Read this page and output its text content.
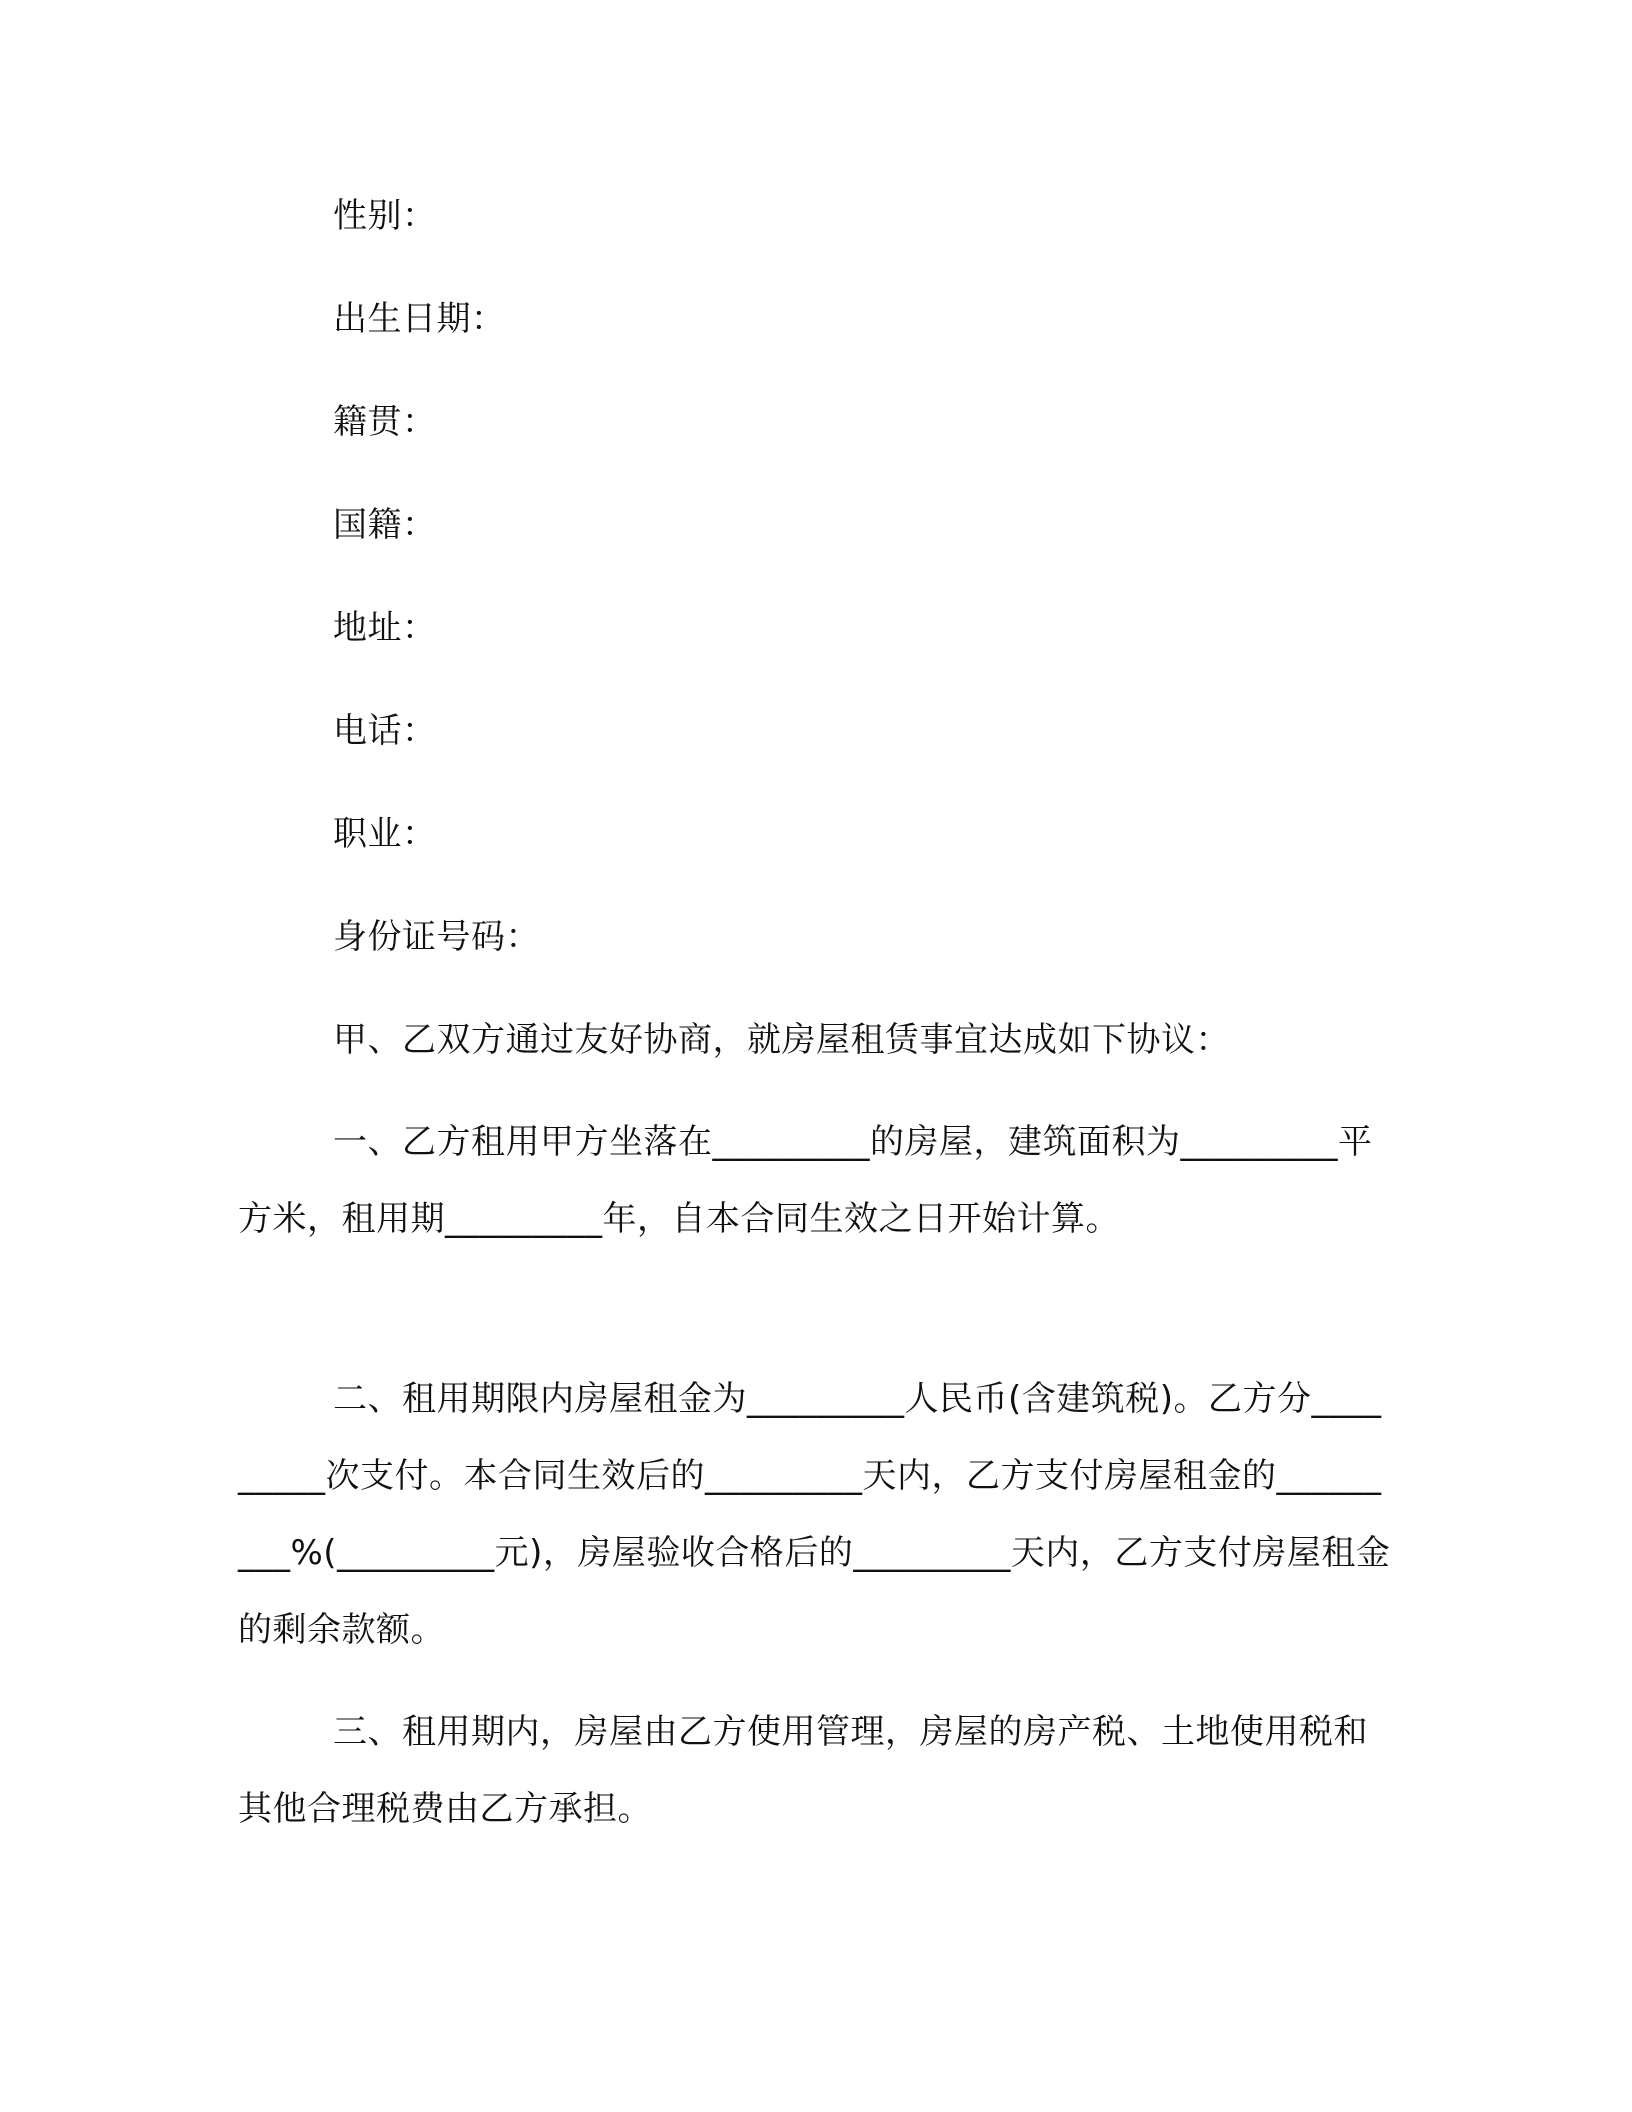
性别：
出生日期：
籍贯：
国籍：
地址：
电话：
职业：
身份证号码：
甲、乙双方通过友好协商，就房屋租赁事宜达成如下协议：
一、乙方租用甲方坐落在_________的房屋，建筑面积为_________平方米，租用期_________年，自本合同生效之日开始计算。
二、租用期限内房屋租金为_________人民币(含建筑税)。乙方分_________次支付。本合同生效后的_________天内，乙方支付房屋租金的_________%(_________元)，房屋验收合格后的_________天内，乙方支付房屋租金的剩余款额。
三、租用期内，房屋由乙方使用管理，房屋的房产税、土地使用税和其他合理税费由乙方承担。
